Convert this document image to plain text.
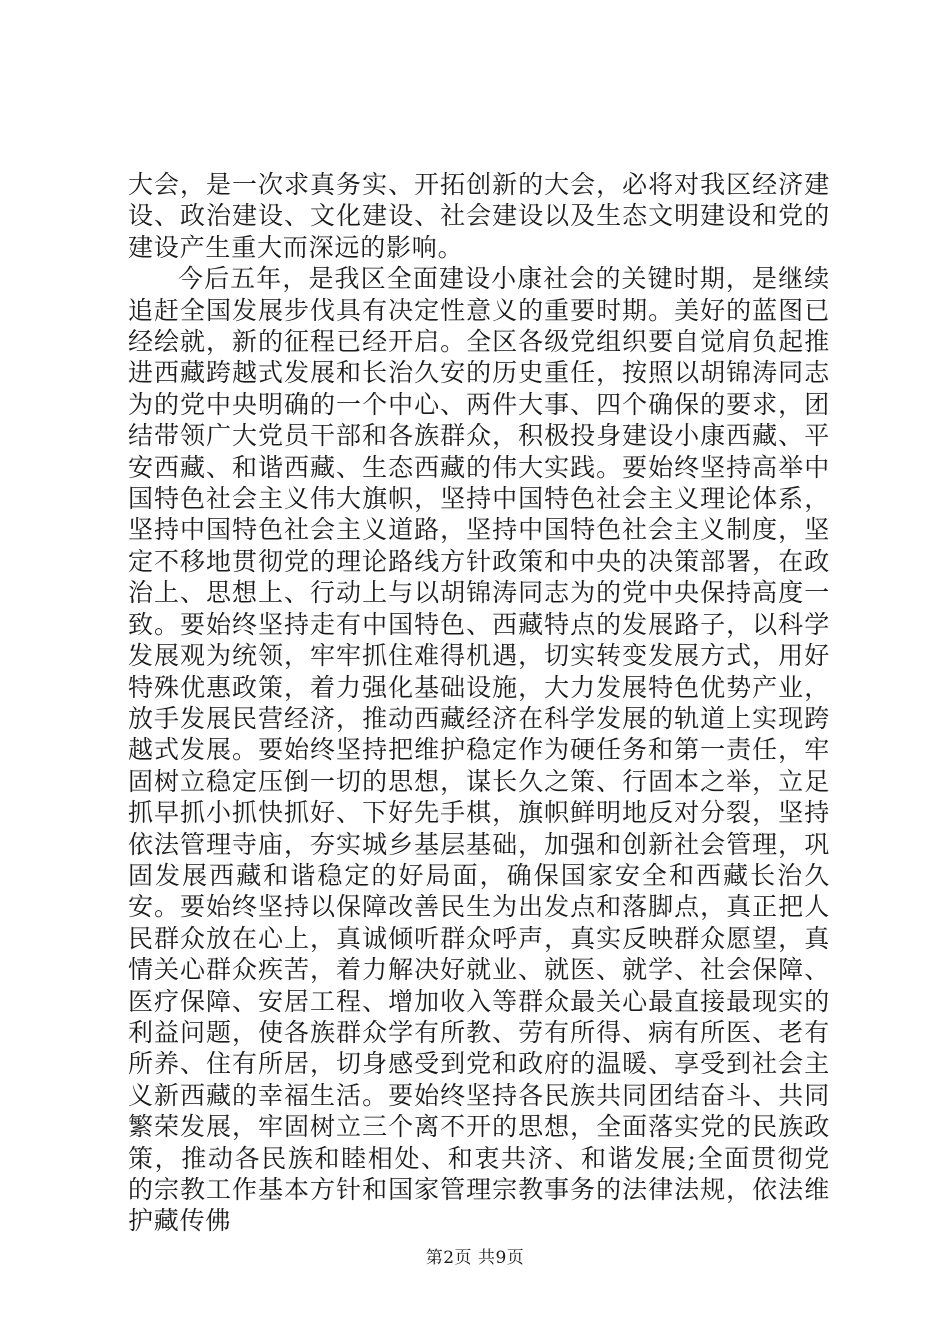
大会，是一次求真务实、开拓创新的大会，必将对我区经济建设、政治建设、文化建设、社会建设以及生态文明建设和党的建设产生重大而深远的影响。

今后五年，是我区全面建设小康社会的关键时期，是继续追赶全国发展步伐具有决定性意义的重要时期。美好的蓝图已经绘就，新的征程已经开启。全区各级党组织要自觉肩负起推进西藏跨越式发展和长治久安的历史重任，按照以胡锦涛同志为的党中央明确的一个中心、两件大事、四个确保的要求，团结带领广大党员干部和各族群众，积极投身建设小康西藏、平安西藏、和谐西藏、生态西藏的伟大实践。要始终坚持高举中国特色社会主义伟大旗帜，坚持中国特色社会主义理论体系，坚持中国特色社会主义道路，坚持中国特色社会主义制度，坚定不移地贯彻党的理论路线方针政策和中央的决策部署，在政治上、思想上、行动上与以胡锦涛同志为的党中央保持高度一致。要始终坚持走有中国特色、西藏特点的发展路子，以科学发展观为统领，牢牢抓住难得机遇，切实转变发展方式，用好特殊优惠政策，着力强化基础设施，大力发展特色优势产业，放手发展民营经济，推动西藏经济在科学发展的轨道上实现跨越式发展。要始终坚持把维护稳定作为硬任务和第一责任，牢固树立稳定压倒一切的思想，谋长久之策、行固本之举，立足抓早抓小抓快抓好、下好先手棋，旗帜鲜明地反对分裂，坚持依法管理寺庙，夯实城乡基层基础，加强和创新社会管理，巩固发展西藏和谐稳定的好局面，确保国家安全和西藏长治久安。要始终坚持以保障改善民生为出发点和落脚点，真正把人民群众放在心上，真诚倾听群众呼声，真实反映群众愿望，真情关心群众疾苦，着力解决好就业、就医、就学、社会保障、医疗保障、安居工程、增加收入等群众最关心最直接最现实的利益问题，使各族群众学有所教、劳有所得、病有所医、老有所养、住有所居，切身感受到党和政府的温暖、享受到社会主义新西藏的幸福生活。要始终坚持各民族共同团结奋斗、共同繁荣发展，牢固树立三个离不开的思想，全面落实党的民族政策，推动各民族和睦相处、和衷共济、和谐发展;全面贯彻党的宗教工作基本方针和国家管理宗教事务的法律法规，依法维护藏传佛

第2页 共9页
